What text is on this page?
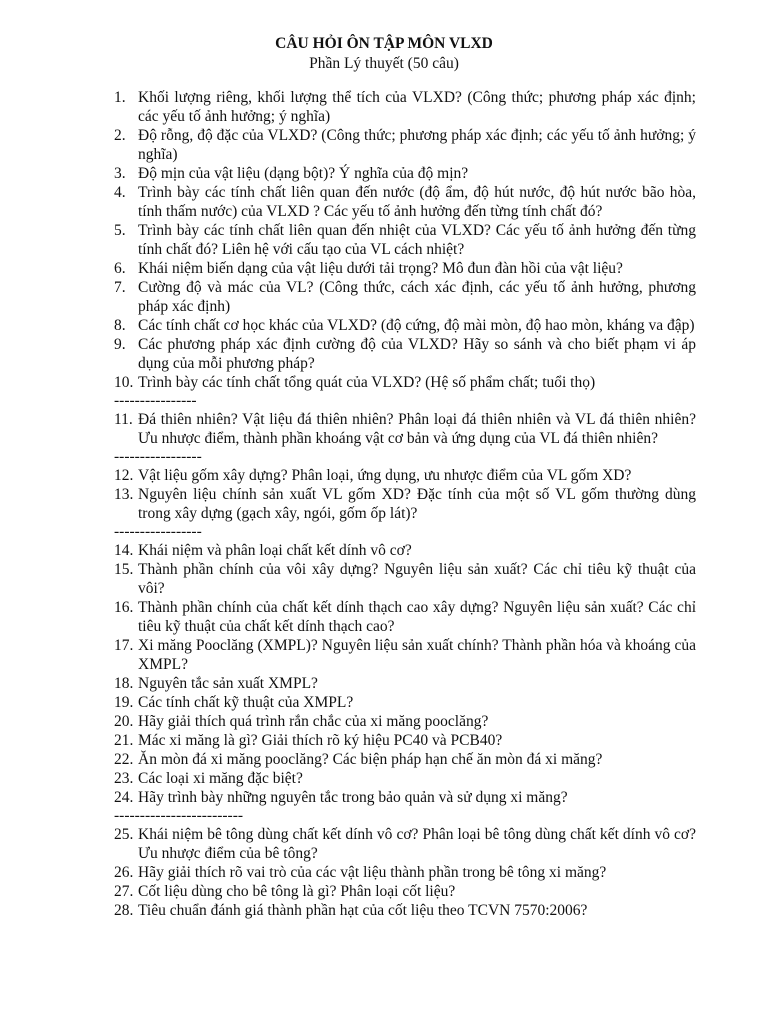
CÂU HỎI ÔN TẬP MÔN VLXD
Phần Lý thuyết (50 câu)
1. Khối lượng riêng, khối lượng thể tích của VLXD? (Công thức; phương pháp xác định; các yếu tố ảnh hưởng; ý nghĩa)
2. Độ rỗng, độ đặc của VLXD? (Công thức; phương pháp xác định; các yếu tố ảnh hưởng; ý nghĩa)
3. Độ mịn của vật liệu (dạng bột)? Ý nghĩa của độ mịn?
4. Trình bày các tính chất liên quan đến nước (độ ẩm, độ hút nước, độ hút nước bão hòa, tính thấm nước) của VLXD ? Các yếu tố ảnh hưởng đến từng tính chất đó?
5. Trình bày các tính chất liên quan đến nhiệt của VLXD? Các yếu tố ảnh hưởng đến từng tính chất đó? Liên hệ với cấu tạo của VL cách nhiệt?
6. Khái niệm biến dạng của vật liệu dưới tải trọng? Mô đun đàn hồi của vật liệu?
7. Cường độ và mác của VL? (Công thức, cách xác định, các yếu tố ảnh hưởng, phương pháp xác định)
8. Các tính chất cơ học khác của VLXD? (độ cứng, độ mài mòn, độ hao mòn, kháng va đập)
9. Các phương pháp xác định cường độ của VLXD? Hãy so sánh và cho biết phạm vi áp dụng của mỗi phương pháp?
10. Trình bày các tính chất tổng quát của VLXD? (Hệ số phẩm chất; tuổi thọ)
----------------
11. Đá thiên nhiên? Vật liệu đá thiên nhiên? Phân loại đá thiên nhiên và VL đá thiên nhiên? Ưu nhược điểm, thành phần khoáng vật cơ bản và ứng dụng của VL đá thiên nhiên?
-----------------
12. Vật liệu gốm xây dựng? Phân loại, ứng dụng, ưu nhược điểm của VL gốm XD?
13. Nguyên liệu chính sản xuất VL gốm XD? Đặc tính của một số VL gốm thường dùng trong xây dựng (gạch xây, ngói, gốm ốp lát)?
-----------------
14. Khái niệm và phân loại chất kết dính vô cơ?
15. Thành phần chính của vôi xây dựng? Nguyên liệu sản xuất? Các chỉ tiêu kỹ thuật của vôi?
16. Thành phần chính của chất kết dính thạch cao xây dựng? Nguyên liệu sản xuất? Các chỉ tiêu kỹ thuật của chất kết dính thạch cao?
17. Xi măng Pooclăng (XMPL)? Nguyên liệu sản xuất chính? Thành phần hóa và khoáng của XMPL?
18. Nguyên tắc sản xuất XMPL?
19. Các tính chất kỹ thuật của XMPL?
20. Hãy giải thích quá trình rắn chắc của xi măng pooclăng?
21. Mác xi măng là gì? Giải thích rõ ký hiệu PC40 và PCB40?
22. Ăn mòn đá xi măng pooclăng? Các biện pháp hạn chế ăn mòn đá xi măng?
23. Các loại xi măng đặc biệt?
24. Hãy trình bày những nguyên tắc trong bảo quản và sử dụng xi măng?
-------------------------
25. Khái niệm bê tông dùng chất kết dính vô cơ? Phân loại bê tông dùng chất kết dính vô cơ? Ưu nhược điểm của bê tông?
26. Hãy giải thích rõ vai trò của các vật liệu thành phần trong bê tông xi măng?
27. Cốt liệu dùng cho bê tông là gì? Phân loại cốt liệu?
28. Tiêu chuẩn đánh giá thành phần hạt của cốt liệu theo TCVN 7570:2006?
